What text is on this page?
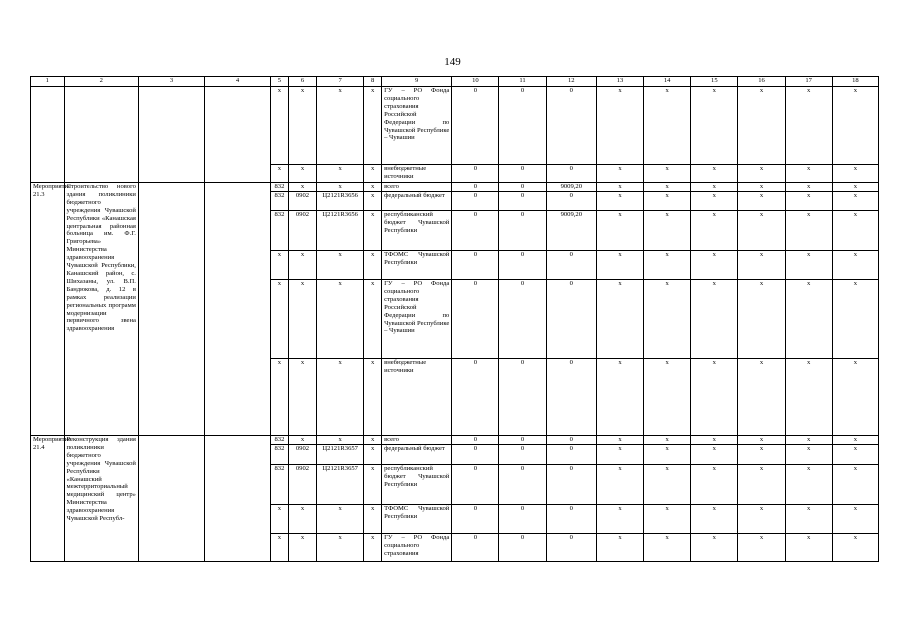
149
1	2	3	4	5	6	7	8	9	10	11	12	13	14	15	16	17	18
				x	x	x	x	ГУ – РО Фонда социального страхования Российской Федерации по Чувашской Республике – Чувашии	0	0	0	x	x	x	x	x	x
				x	x	x	x	внебюджетные источники	0	0	0	x	x	x	x	x	x
Мероприятие 21.3	Строительство нового здания поликлиники бюджетного учреждения Чувашской Республики «Канашская центральная районная больница им. Ф.Г. Григорьева» Министерства здравоохранения Чувашской Республики, Канашский район, с. Шихазаны, ул. В.П. Бандюкова, д. 12 в рамках реализации региональных программ модернизации первичного звена здравоохранения			832	x	x	x	всего	0	0	9009,20	x	x	x	x	x	x
				832	0902	Ц2121R3656	x	федеральный бюджет	0	0	0	x	x	x	x	x	x
				832	0902	Ц2121R3656	x	республиканский бюджет Чувашской Республики	0	0	9009,20	x	x	x	x	x	x
				x	x	x	x	ТФОМС Чувашской Республики	0	0	0	x	x	x	x	x	x
				x	x	x	x	ГУ – РО Фонда социального страхования Российской Федерации по Чувашской Республике – Чувашии	0	0	0	x	x	x	x	x	x
				x	x	x	x	внебюджетные источники	0	0	0	x	x	x	x	x	x
Мероприятие 21.4	Реконструкция здания поликлиники бюджетного учреждения Чувашской Республики «Канашский межтерриториальный медицинский центр» Министерства здравоохранения Чувашской Республ-			832	x	x	x	всего	0	0	0	x	x	x	x	x	x
				832	0902	Ц2121R3657	x	федеральный бюджет	0	0	0	x	x	x	x	x	x
				832	0902	Ц2121R3657	x	республиканский бюджет Чувашской Республики	0	0	0	x	x	x	x	x	x
				x	x	x	x	ТФОМС Чувашской Республики	0	0	0	x	x	x	x	x	x
				x	x	x	x	ГУ – РО Фонда социального страхования	0	0	0	x	x	x	x	x	x
